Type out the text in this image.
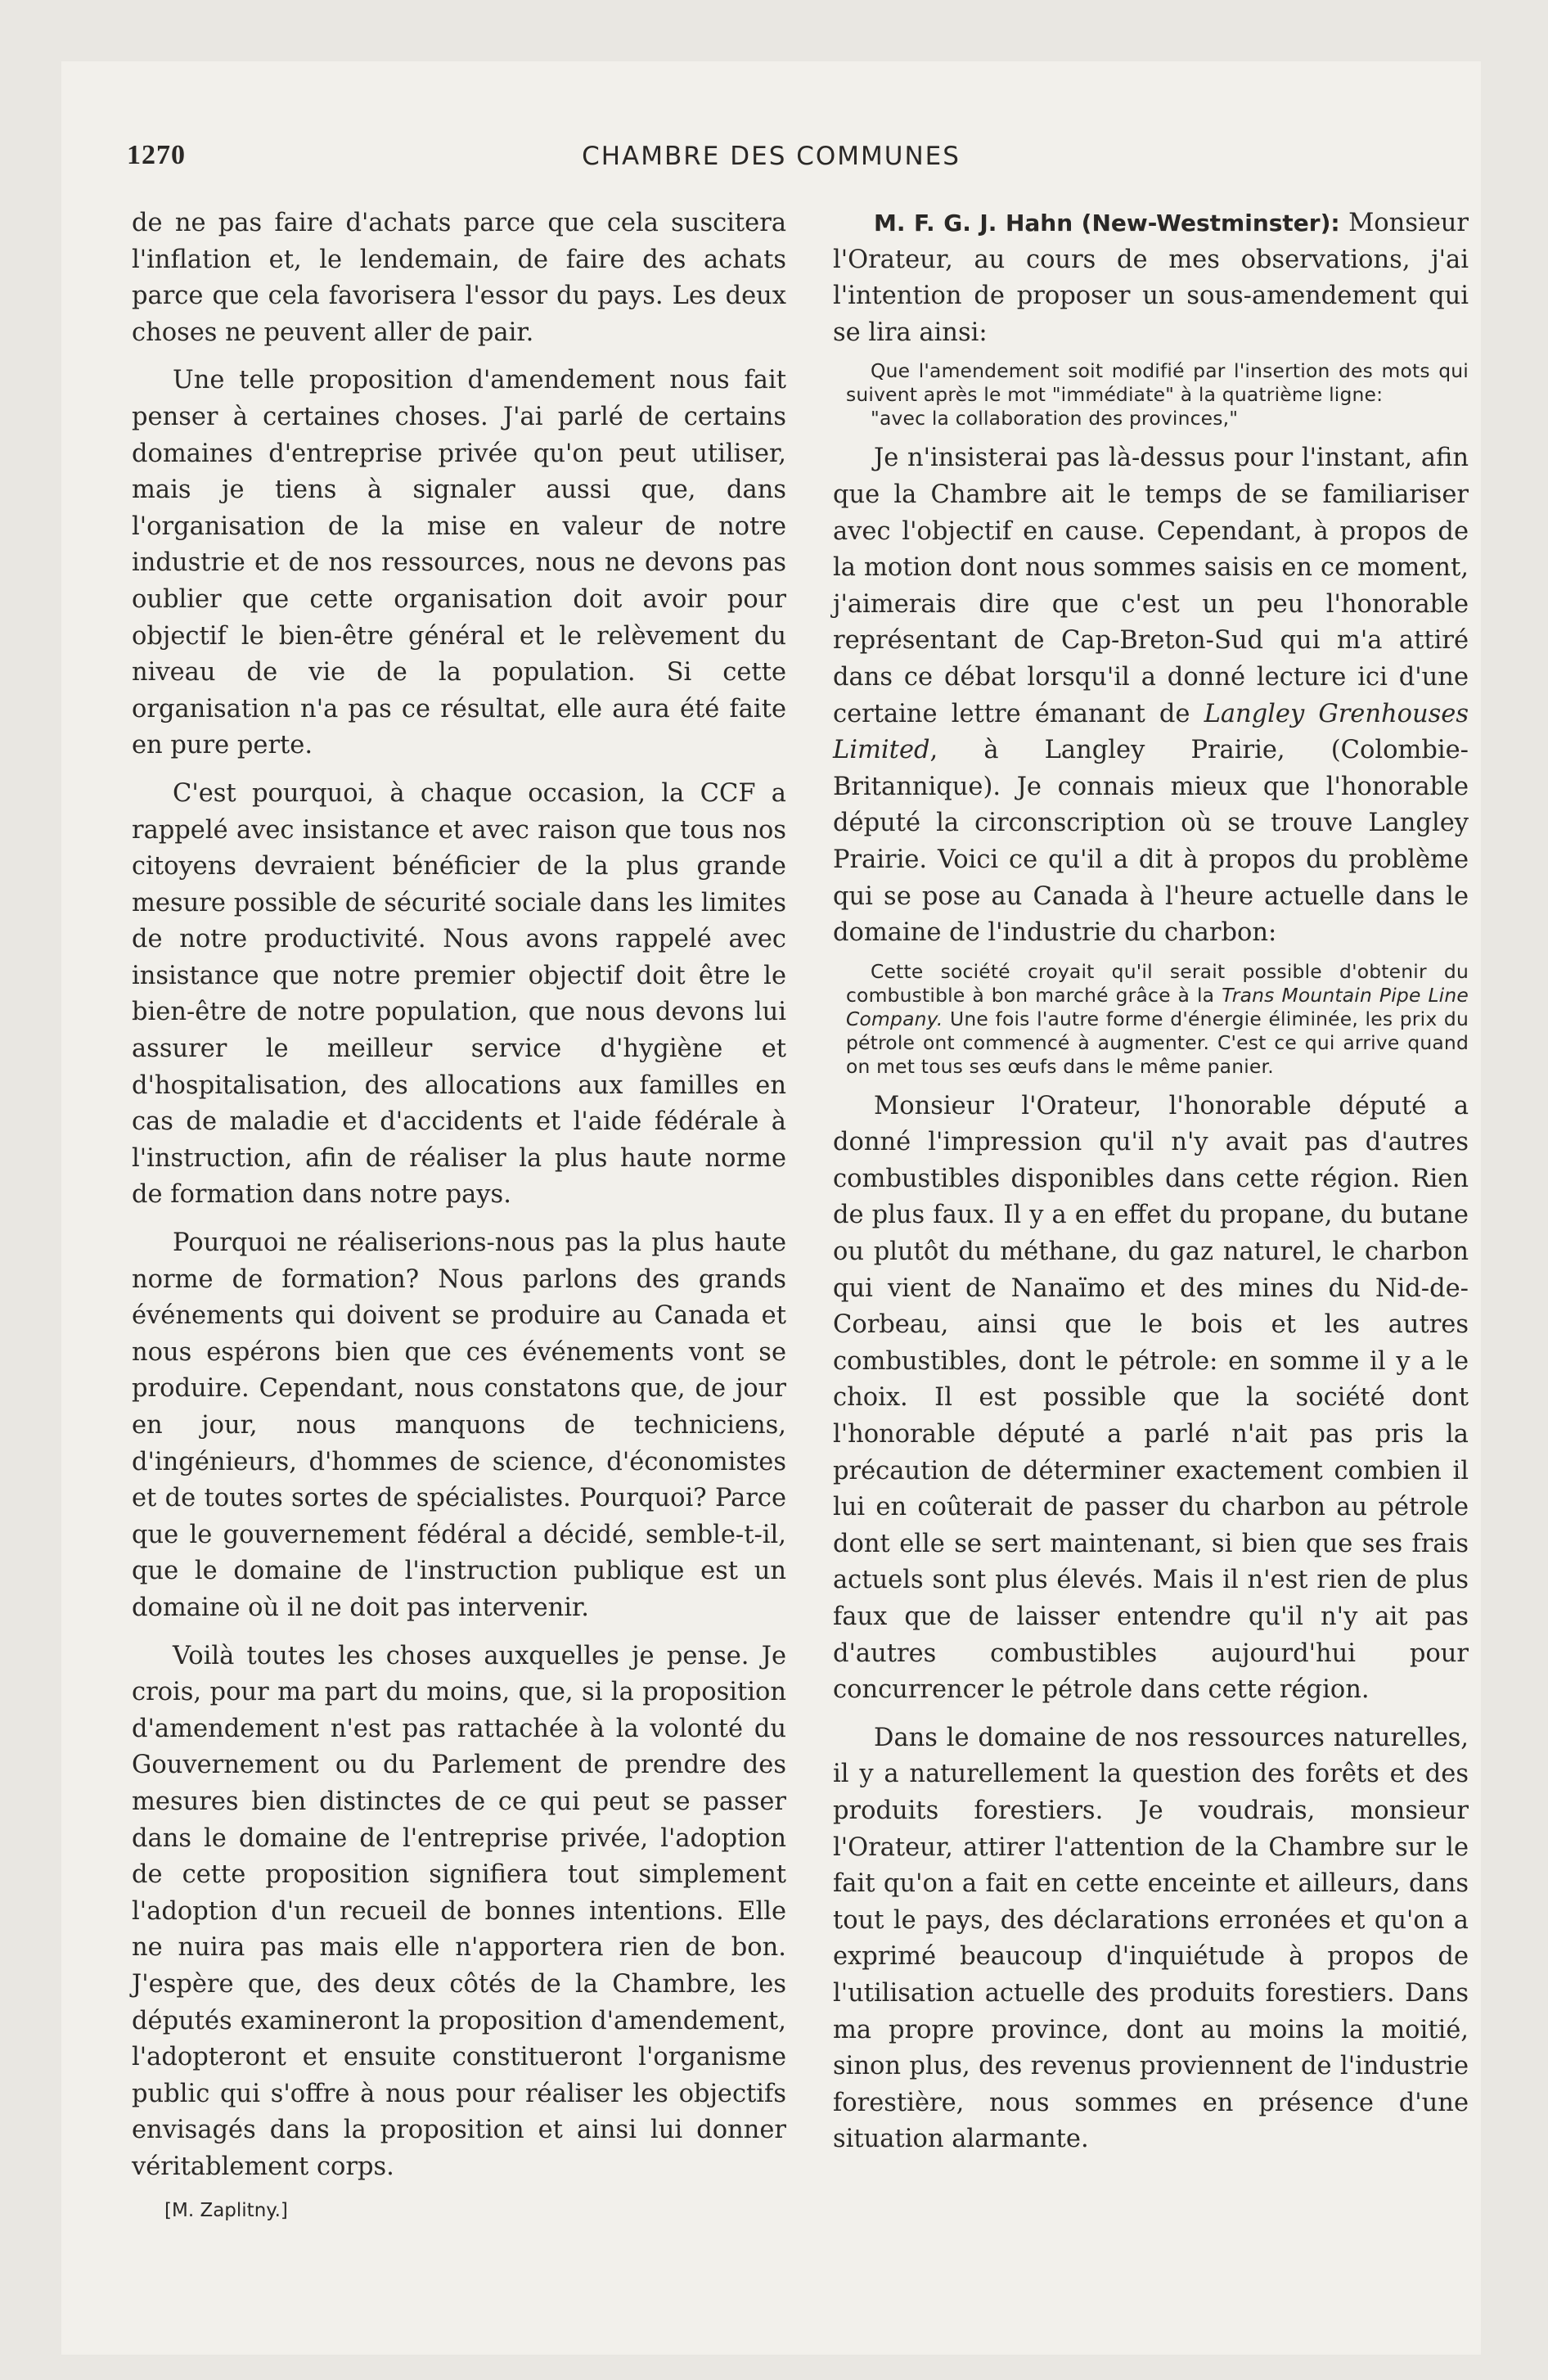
1270	CHAMBRE DES COMMUNES

de ne pas faire d'achats parce que cela suscitera l'inflation et, le lendemain, de faire des achats parce que cela favorisera l'essor du pays. Les deux choses ne peuvent aller de pair.

Une telle proposition d'amendement nous fait penser à certaines choses. J'ai parlé de certains domaines d'entreprise privée qu'on peut utiliser, mais je tiens à signaler aussi que, dans l'organisation de la mise en valeur de notre industrie et de nos ressources, nous ne devons pas oublier que cette organisation doit avoir pour objectif le bien-être général et le relèvement du niveau de vie de la population. Si cette organisation n'a pas ce résultat, elle aura été faite en pure perte.

C'est pourquoi, à chaque occasion, la CCF a rappelé avec insistance et avec raison que tous nos citoyens devraient bénéficier de la plus grande mesure possible de sécurité sociale dans les limites de notre productivité. Nous avons rappelé avec insistance que notre premier objectif doit être le bien-être de notre population, que nous devons lui assurer le meilleur service d'hygiène et d'hospitalisation, des allocations aux familles en cas de maladie et d'accidents et l'aide fédérale à l'instruction, afin de réaliser la plus haute norme de formation dans notre pays.

Pourquoi ne réaliserions-nous pas la plus haute norme de formation? Nous parlons des grands événements qui doivent se produire au Canada et nous espérons bien que ces événements vont se produire. Cependant, nous constatons que, de jour en jour, nous manquons de techniciens, d'ingénieurs, d'hommes de science, d'économistes et de toutes sortes de spécialistes. Pourquoi? Parce que le gouvernement fédéral a décidé, semble-t-il, que le domaine de l'instruction publique est un domaine où il ne doit pas intervenir.

Voilà toutes les choses auxquelles je pense. Je crois, pour ma part du moins, que, si la proposition d'amendement n'est pas rattachée à la volonté du Gouvernement ou du Parlement de prendre des mesures bien distinctes de ce qui peut se passer dans le domaine de l'entreprise privée, l'adoption de cette proposition signifiera tout simplement l'adoption d'un recueil de bonnes intentions. Elle ne nuira pas mais elle n'apportera rien de bon. J'espère que, des deux côtés de la Chambre, les députés examineront la proposition d'amendement, l'adopteront et ensuite constitueront l'organisme public qui s'offre à nous pour réaliser les objectifs envisagés dans la proposition et ainsi lui donner véritablement corps.

[M. Zaplitny.]

M. F. G. J. Hahn (New-Westminster): Monsieur l'Orateur, au cours de mes observations, j'ai l'intention de proposer un sous-amendement qui se lira ainsi:

Que l'amendement soit modifié par l'insertion des mots qui suivent après le mot "immédiate" à la quatrième ligne:

"avec la collaboration des provinces,"

Je n'insisterai pas là-dessus pour l'instant, afin que la Chambre ait le temps de se familiariser avec l'objectif en cause. Cependant, à propos de la motion dont nous sommes saisis en ce moment, j'aimerais dire que c'est un peu l'honorable représentant de Cap-Breton-Sud qui m'a attiré dans ce débat lorsqu'il a donné lecture ici d'une certaine lettre émanant de Langley Grenhouses Limited, à Langley Prairie, (Colombie-Britannique). Je connais mieux que l'honorable député la circonscription où se trouve Langley Prairie. Voici ce qu'il a dit à propos du problème qui se pose au Canada à l'heure actuelle dans le domaine de l'industrie du charbon:

Cette société croyait qu'il serait possible d'obtenir du combustible à bon marché grâce à la Trans Mountain Pipe Line Company. Une fois l'autre forme d'énergie éliminée, les prix du pétrole ont commencé à augmenter. C'est ce qui arrive quand on met tous ses œufs dans le même panier.

Monsieur l'Orateur, l'honorable député a donné l'impression qu'il n'y avait pas d'autres combustibles disponibles dans cette région. Rien de plus faux. Il y a en effet du propane, du butane ou plutôt du méthane, du gaz naturel, le charbon qui vient de Nanaïmo et des mines du Nid-de-Corbeau, ainsi que le bois et les autres combustibles, dont le pétrole: en somme il y a le choix. Il est possible que la société dont l'honorable député a parlé n'ait pas pris la précaution de déterminer exactement combien il lui en coûterait de passer du charbon au pétrole dont elle se sert maintenant, si bien que ses frais actuels sont plus élevés. Mais il n'est rien de plus faux que de laisser entendre qu'il n'y ait pas d'autres combustibles aujourd'hui pour concurrencer le pétrole dans cette région.

Dans le domaine de nos ressources naturelles, il y a naturellement la question des forêts et des produits forestiers. Je voudrais, monsieur l'Orateur, attirer l'attention de la Chambre sur le fait qu'on a fait en cette enceinte et ailleurs, dans tout le pays, des déclarations erronées et qu'on a exprimé beaucoup d'inquiétude à propos de l'utilisation actuelle des produits forestiers. Dans ma propre province, dont au moins la moitié, sinon plus, des revenus proviennent de l'industrie forestière, nous sommes en présence d'une situation alarmante.
